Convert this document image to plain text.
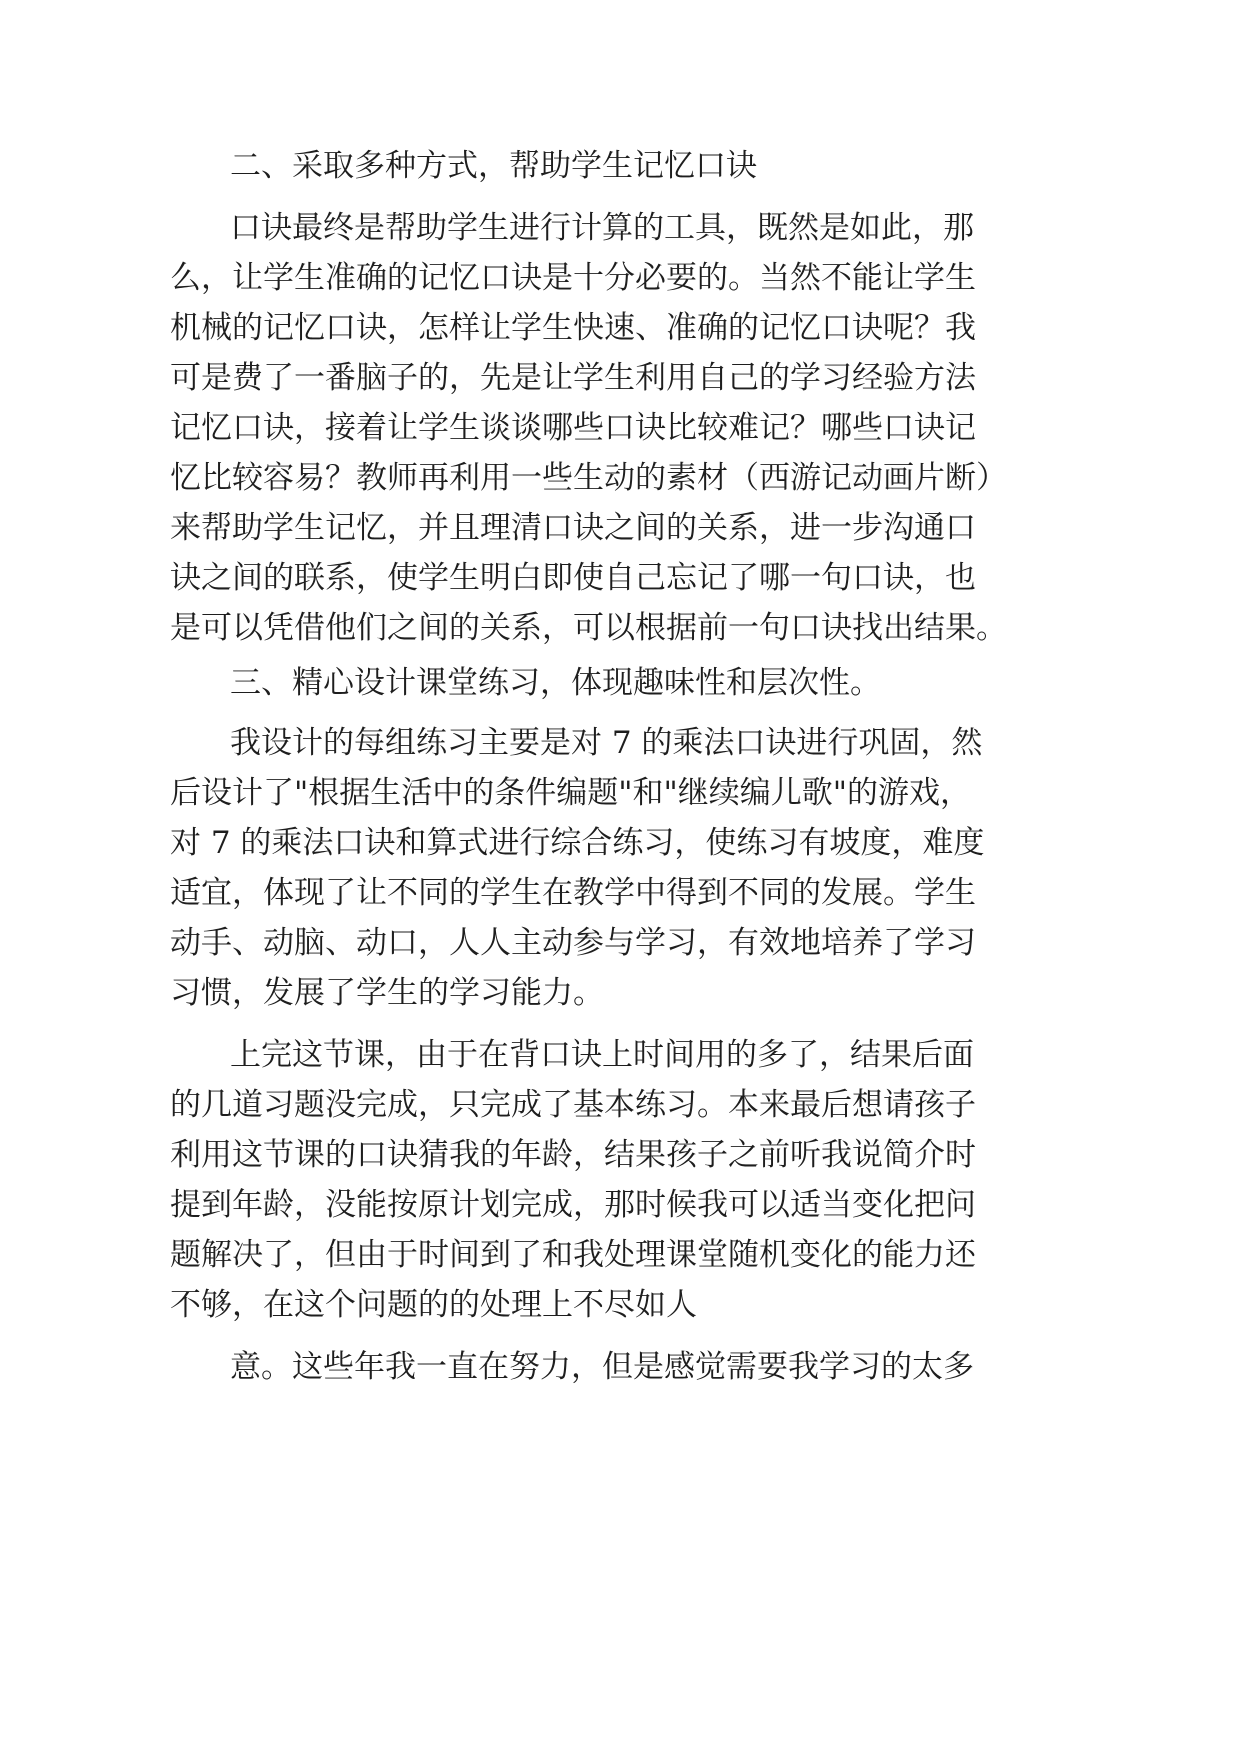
二、采取多种方式，帮助学生记忆口诀

口诀最终是帮助学生进行计算的工具，既然是如此，那

么，让学生准确的记忆口诀是十分必要的。当然不能让学生

机械的记忆口诀，怎样让学生快速、准确的记忆口诀呢？我

可是费了一番脑子的，先是让学生利用自己的学习经验方法

记忆口诀，接着让学生谈谈哪些口诀比较难记？哪些口诀记

忆比较容易？教师再利用一些生动的素材（西游记动画片断）

来帮助学生记忆，并且理清口诀之间的关系，进一步沟通口

诀之间的联系，使学生明白即使自己忘记了哪一句口诀，也

是可以凭借他们之间的关系，可以根据前一句口诀找出结果。

三、精心设计课堂练习，体现趣味性和层次性。

我设计的每组练习主要是对 7 的乘法口诀进行巩固，然

后设计了"根据生活中的条件编题"和"继续编儿歌"的游戏，

对 7 的乘法口诀和算式进行综合练习，使练习有坡度，难度

适宜，体现了让不同的学生在教学中得到不同的发展。学生

动手、动脑、动口，人人主动参与学习，有效地培养了学习

习惯，发展了学生的学习能力。

上完这节课，由于在背口诀上时间用的多了，结果后面

的几道习题没完成，只完成了基本练习。本来最后想请孩子

利用这节课的口诀猜我的年龄，结果孩子之前听我说简介时

提到年龄，没能按原计划完成，那时候我可以适当变化把问

题解决了，但由于时间到了和我处理课堂随机变化的能力还

不够，在这个问题的的处理上不尽如人

意。这些年我一直在努力，但是感觉需要我学习的太多
